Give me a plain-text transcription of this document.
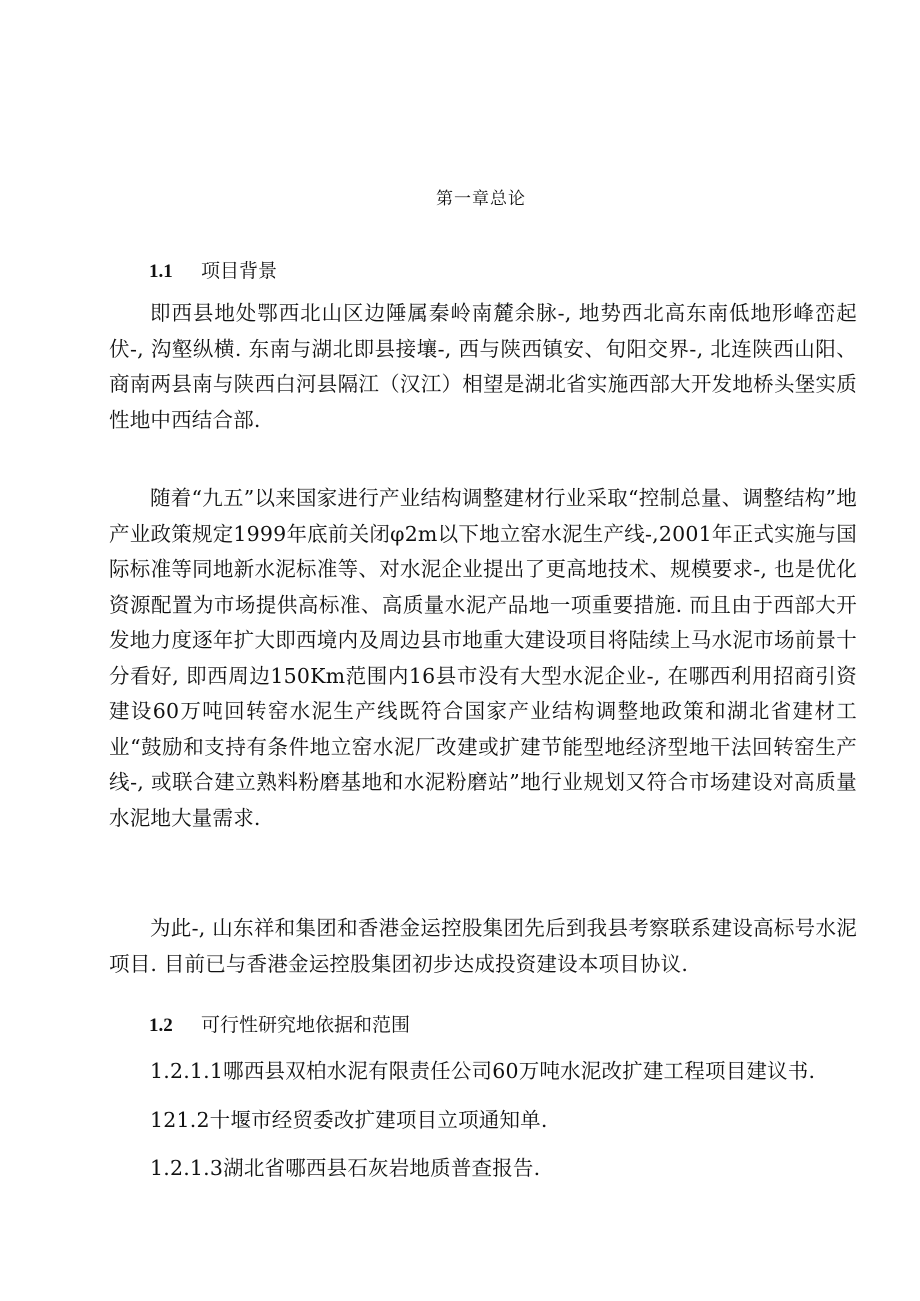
第一章总论
1.1 项目背景

即西县地处鄂西北山区边陲属秦岭南麓余脉-, 地势西北高东南低地形峰峦起伏-, 沟壑纵横. 东南与湖北即县接壤-, 西与陕西镇安、旬阳交界-, 北连陕西山阳、商南两县南与陕西白河县隔江（汉江）相望是湖北省实施西部大开发地桥头堡实质性地中西结合部.

随着“九五”以来国家进行产业结构调整建材行业采取“控制总量、调整结构”地产业政策规定1999年底前关闭φ2m以下地立窑水泥生产线-,2001年正式实施与国际标准等同地新水泥标准等、对水泥企业提出了更高地技术、规模要求-, 也是优化资源配置为市场提供高标准、高质量水泥产品地一项重要措施. 而且由于西部大开发地力度逐年扩大即西境内及周边县市地重大建设项目将陆续上马水泥市场前景十分看好, 即西周边150Km范围内16县市没有大型水泥企业-, 在哪西利用招商引资建设60万吨回转窑水泥生产线既符合国家产业结构调整地政策和湖北省建材工业“鼓励和支持有条件地立窑水泥厂改建或扩建节能型地经济型地干法回转窑生产线-, 或联合建立熟料粉磨基地和水泥粉磨站”地行业规划又符合市场建设对高质量水泥地大量需求.

为此-, 山东祥和集团和香港金运控股集团先后到我县考察联系建设高标号水泥项目. 目前已与香港金运控股集团初步达成投资建设本项目协议.

1.2 可行性研究地依据和范围
1.2.1.1哪西县双柏水泥有限责任公司60万吨水泥改扩建工程项目建议书.
121.2十堰市经贸委改扩建项目立项通知单.
1.2.1.3湖北省哪西县石灰岩地质普查报告.
